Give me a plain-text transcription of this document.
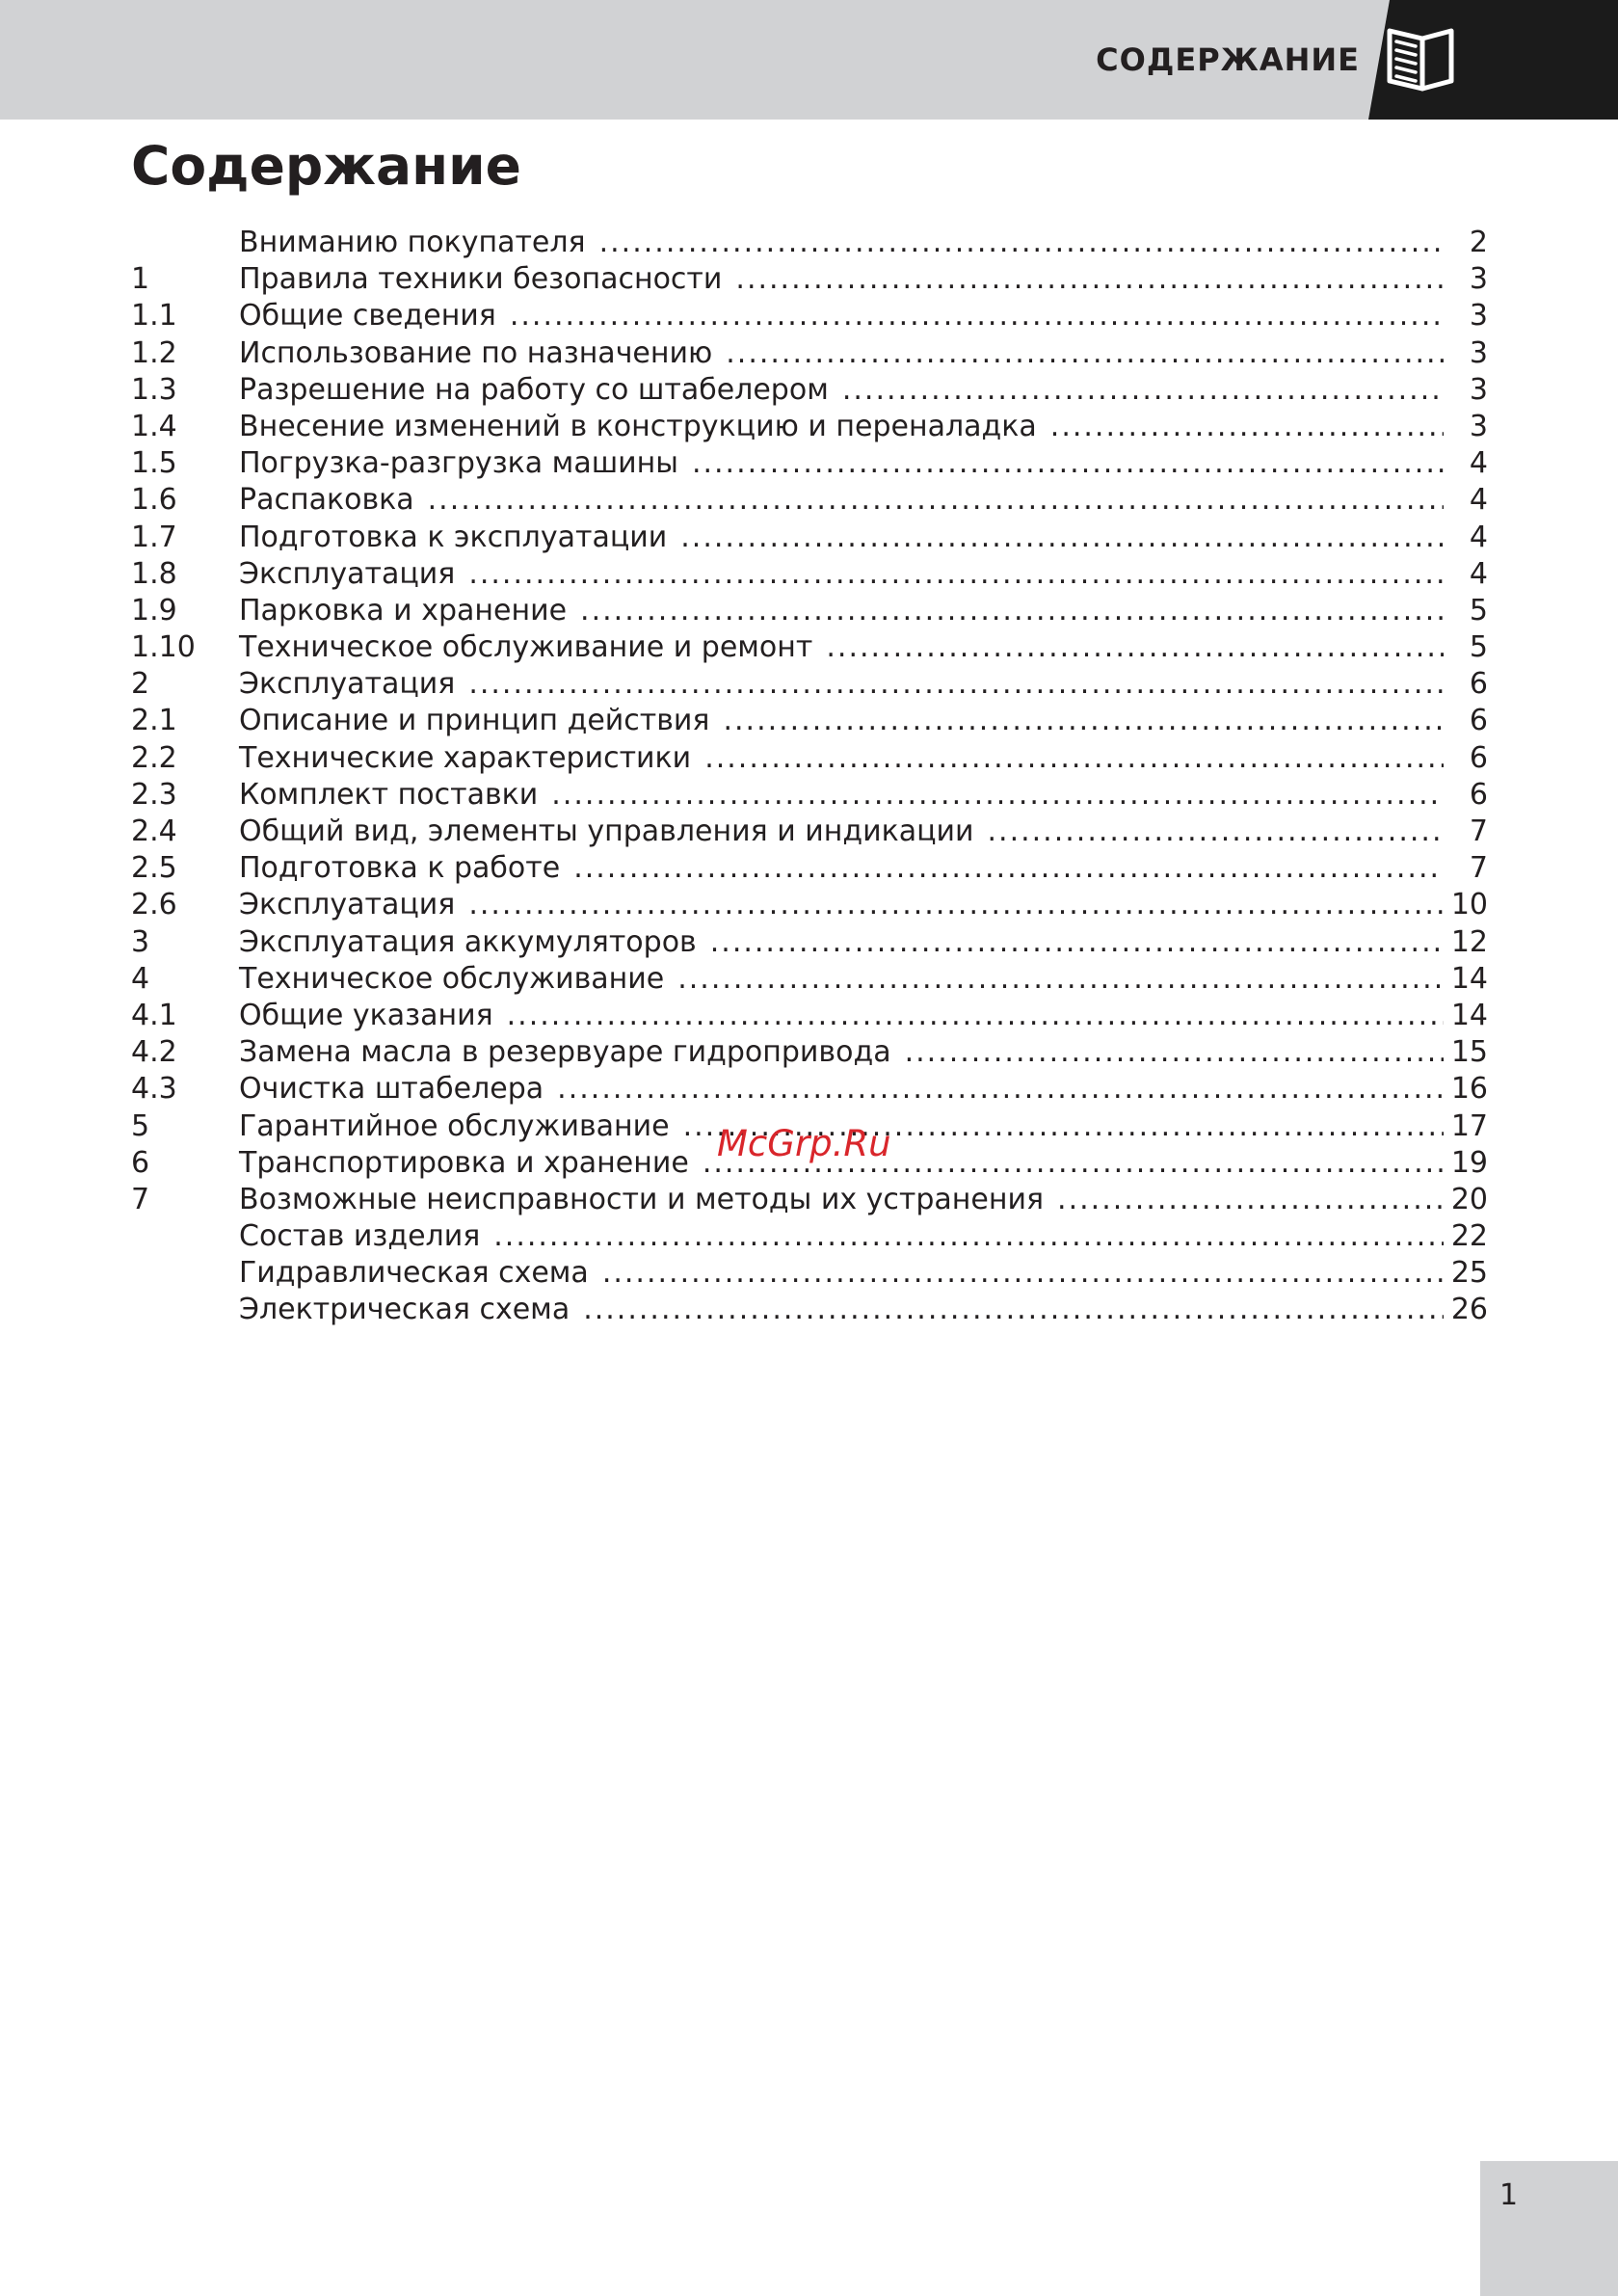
СОДЕРЖАНИЕ
Содержание
Вниманию покупателя .....	2
1	Правила техники безопасности .....	3
1.1	Общие сведения .....	3
1.2	Использование по назначению .....	3
1.3	Разрешение на работу со штабелером .....	3
1.4	Внесение изменений в конструкцию и переналадка .....	3
1.5	Погрузка-разгрузка машины .....	4
1.6	Распаковка .....	4
1.7	Подготовка к эксплуатации .....	4
1.8	Эксплуатация .....	4
1.9	Парковка и хранение .....	5
1.10	Техническое обслуживание и ремонт .....	5
2	Эксплуатация .....	6
2.1	Описание и принцип действия .....	6
2.2	Технические характеристики .....	6
2.3	Комплект поставки .....	6
2.4	Общий вид, элементы управления и индикации .....	7
2.5	Подготовка к работе .....	7
2.6	Эксплуатация .....	10
3	Эксплуатация аккумуляторов .....	12
4	Техническое обслуживание .....	14
4.1	Общие указания .....	14
4.2	Замена масла в резервуаре гидропривода .....	15
4.3	Очистка штабелера .....	16
5	Гарантийное обслуживание .....	17
6	Транспортировка и хранение .....	19
7	Возможные неисправности и методы их устранения .....	20
Состав изделия .....	22
Гидравлическая схема .....	25
Электрическая схема .....	26
McGrp.Ru
1
